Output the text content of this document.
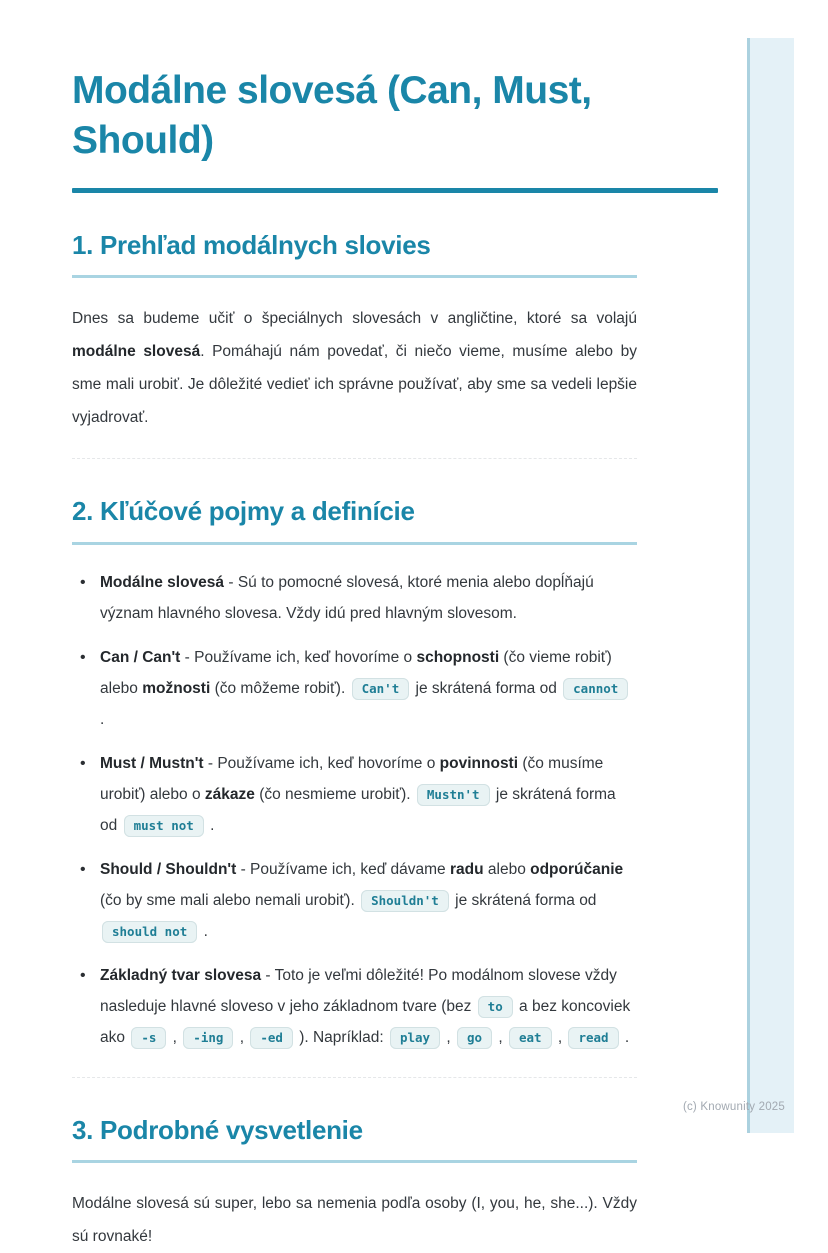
Modálne slovesá (Can, Must, Should)
1. Prehľad modálnych slovies

Dnes sa budeme učiť o špeciálnych slovesách v angličtine, ktoré sa volajú modálne slovesá. Pomáhajú nám povedať, či niečo vieme, musíme alebo by sme mali urobiť. Je dôležité vedieť ich správne používať, aby sme sa vedeli lepšie vyjadrovať.

2. Kľúčové pojmy a definície
• Modálne slovesá - Sú to pomocné slovesá, ktoré menia alebo dopĺňajú význam hlavného slovesa. Vždy idú pred hlavným slovesom.
• Can / Can't - Používame ich, keď hovoríme o schopnosti (čo vieme robiť) alebo možnosti (čo môžeme robiť). Can't je skrátená forma od cannot .
• Must / Mustn't - Používame ich, keď hovoríme o povinnosti (čo musíme urobiť) alebo o zákaze (čo nesmieme urobiť). Mustn't je skrátená forma od must not .
• Should / Shouldn't - Používame ich, keď dávame radu alebo odporúčanie (čo by sme mali alebo nemali urobiť). Shouldn't je skrátená forma od should not .
• Základný tvar slovesa - Toto je veľmi dôležité! Po modálnom slovese vždy nasleduje hlavné sloveso v jeho základnom tvare (bez to a bez koncoviek ako -s , -ing , -ed ). Napríklad: play , go , eat , read .
3. Podrobné vysvetlenie

Modálne slovesá sú super, lebo sa nemenia podľa osoby (I, you, he, she...). Vždy sú rovnaké!

(c) Knowunity 2025
